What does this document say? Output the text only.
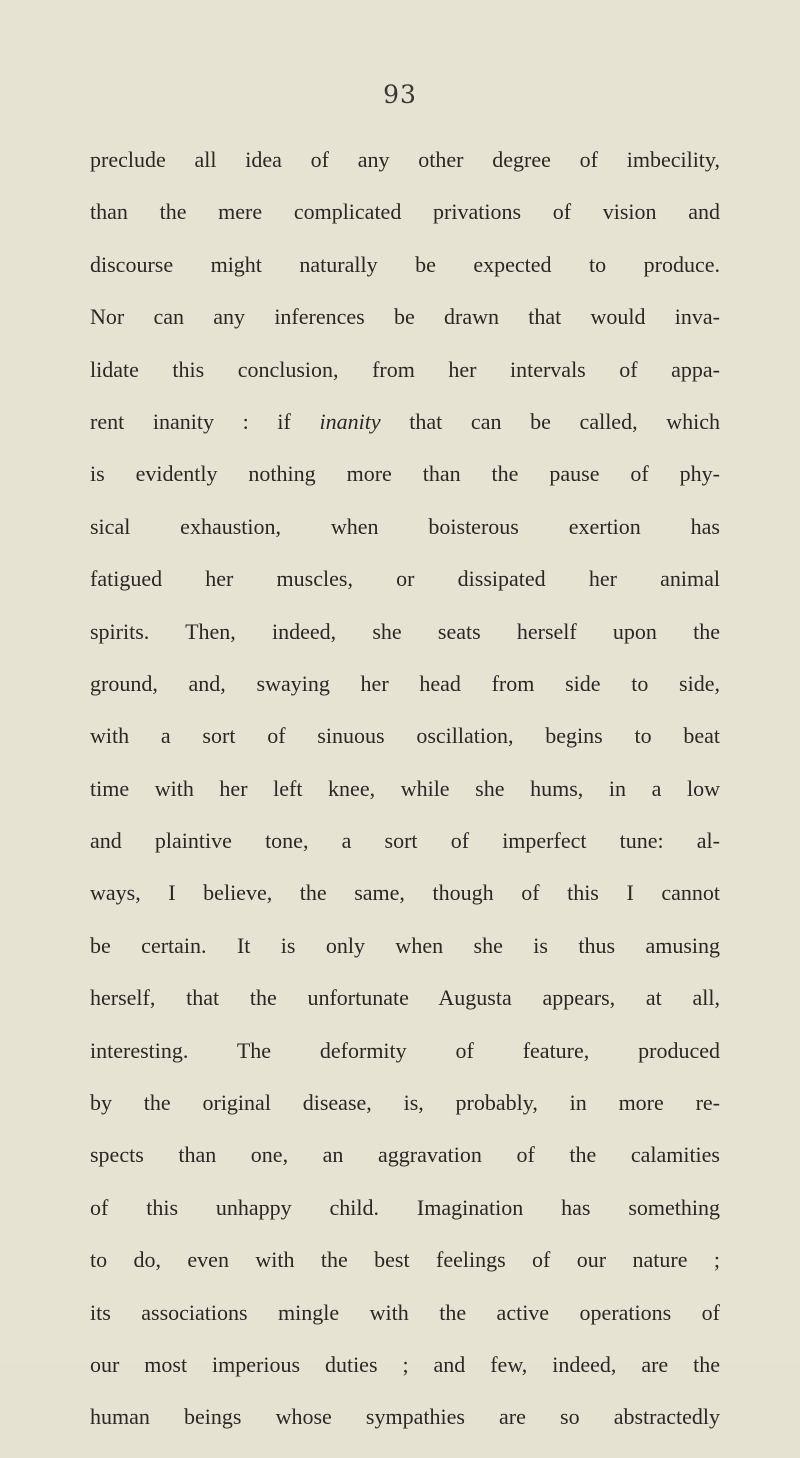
93
preclude all idea of any other degree of imbecility,
than the mere complicated privations of vision and
discourse might naturally be expected to produce.
Nor can any inferences be drawn that would inva-
lidate this conclusion, from her intervals of appa-
rent inanity : if inanity that can be called, which
is evidently nothing more than the pause of phy-
sical exhaustion, when boisterous exertion has
fatigued her muscles, or dissipated her animal
spirits. Then, indeed, she seats herself upon the
ground, and, swaying her head from side to side,
with a sort of sinuous oscillation, begins to beat
time with her left knee, while she hums, in a low
and plaintive tone, a sort of imperfect tune: al-
ways, I believe, the same, though of this I cannot
be certain. It is only when she is thus amusing
herself, that the unfortunate Augusta appears, at all,
interesting. The deformity of feature, produced
by the original disease, is, probably, in more re-
spects than one, an aggravation of the calamities
of this unhappy child. Imagination has something
to do, even with the best feelings of our nature ;
its associations mingle with the active operations of
our most imperious duties ; and few, indeed, are the
human beings whose sympathies are so abstractedly
